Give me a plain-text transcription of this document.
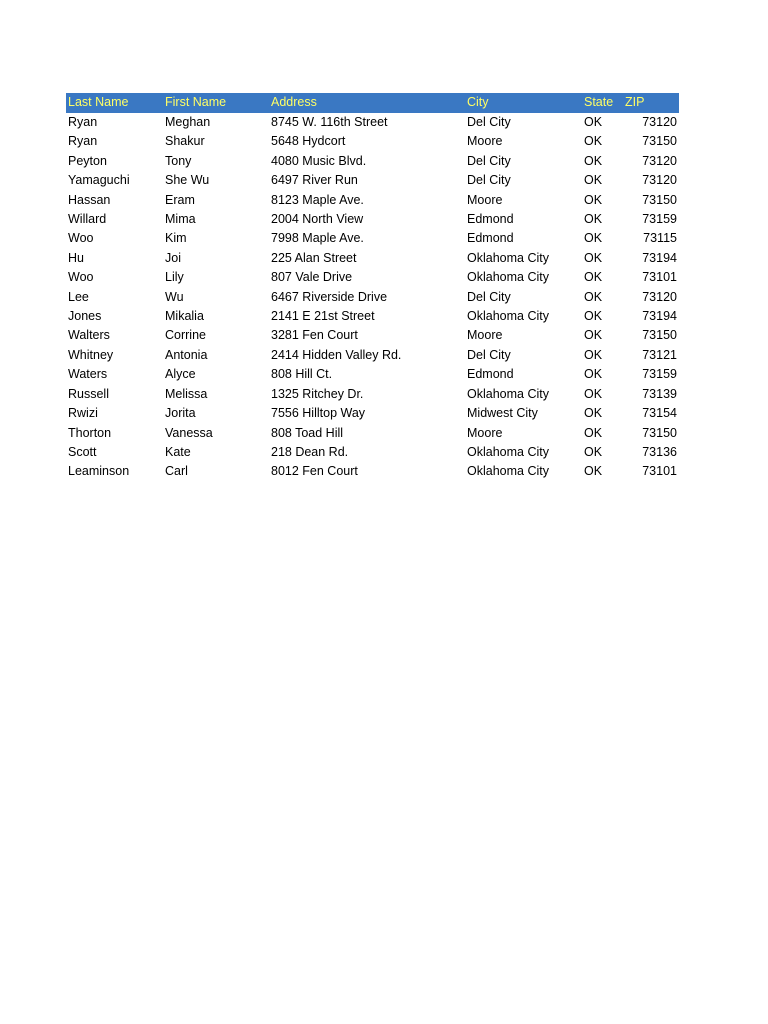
Last Name	First Name	Address	City	State	ZIP
Ryan	Meghan	8745 W. 116th Street	Del City	OK	73120
Ryan	Shakur	5648 Hydcort	Moore	OK	73150
Peyton	Tony	4080 Music Blvd.	Del City	OK	73120
Yamaguchi	She Wu	6497 River Run	Del City	OK	73120
Hassan	Eram	8123 Maple Ave.	Moore	OK	73150
Willard	Mima	2004 North View	Edmond	OK	73159
Woo	Kim	7998 Maple Ave.	Edmond	OK	73115
Hu	Joi	225 Alan Street	Oklahoma City	OK	73194
Woo	Lily	807 Vale Drive	Oklahoma City	OK	73101
Lee	Wu	6467 Riverside Drive	Del City	OK	73120
Jones	Mikalia	2141 E 21st Street	Oklahoma City	OK	73194
Walters	Corrine	3281 Fen Court	Moore	OK	73150
Whitney	Antonia	2414 Hidden Valley Rd.	Del City	OK	73121
Waters	Alyce	808 Hill Ct.	Edmond	OK	73159
Russell	Melissa	1325 Ritchey Dr.	Oklahoma City	OK	73139
Rwizi	Jorita	7556 Hilltop Way	Midwest City	OK	73154
Thorton	Vanessa	808 Toad Hill	Moore	OK	73150
Scott	Kate	218 Dean Rd.	Oklahoma City	OK	73136
Leaminson	Carl	8012 Fen Court	Oklahoma City	OK	73101
